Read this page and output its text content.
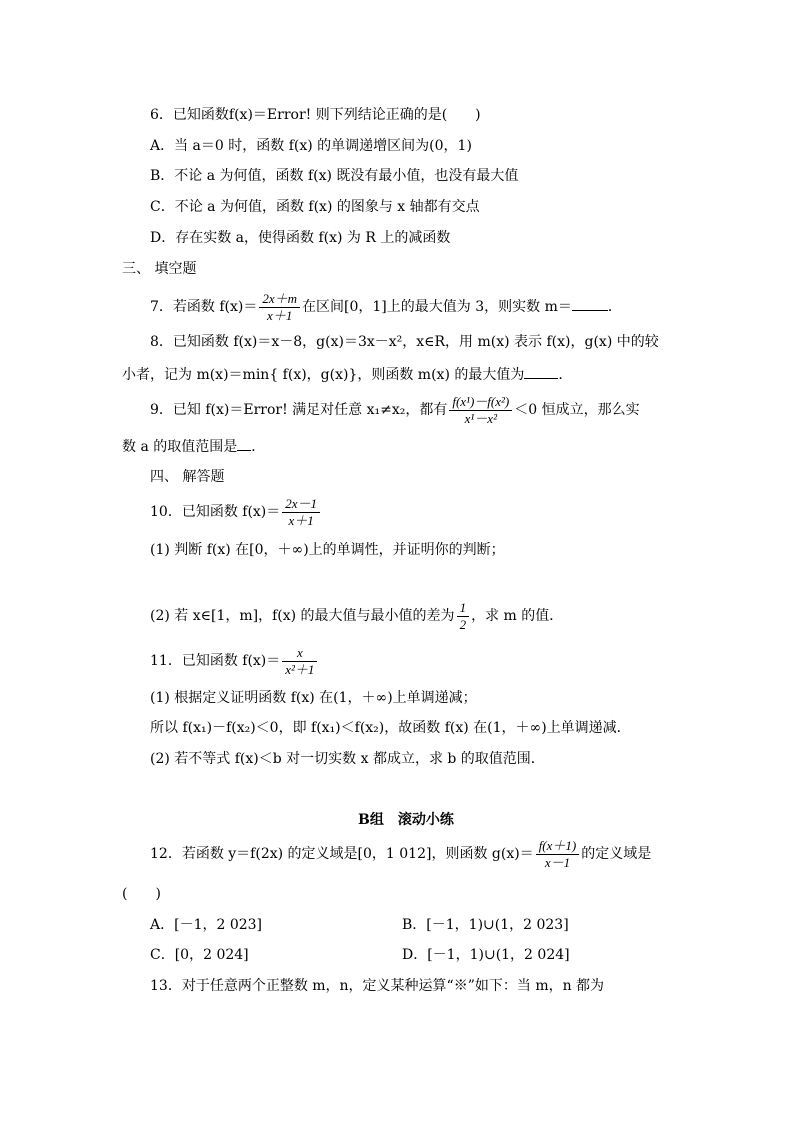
6．已知函数f(x)＝Error! 则下列结论正确的是(　　)
A．当 a＝0 时，函数 f(x) 的单调递增区间为(0，1)
B．不论 a 为何值，函数 f(x) 既没有最小值，也没有最大值
C．不论 a 为何值，函数 f(x) 的图象与 x 轴都有交点
D．存在实数 a，使得函数 f(x) 为 R 上的减函数
三、 填空题
7．若函数 $f(x)= \frac{2x+m}{x+1}$ 在区间[0，1]上的最大值为 3，则实数 m＝	．
8．已知函数 f(x)＝x－8，g(x)＝3x－x²，x∈R，用 m(x) 表示 f(x)，g(x) 中的较
小者，记为 m(x)＝min{ f(x)，g(x)}，则函数 m(x) 的最大值为 ．
9．已知 f(x)＝Error! 满足对任意 x₁≠x₂，都有 $\frac{\text{f(x¹)－f(x²)}}{\text{x¹－x²}} <0$ 恒成立，那么实
数 a 的取值范围是 ．
四、 解答题
10．已知函数 $f(x)= \frac{2x-1}{x+1}$
(1) 判断 f(x) 在[0，＋∞)上的单调性，并证明你的判断；
(2) 若 x∈[1，m]，f(x) 的最大值与最小值的差为 $\frac{1}{2}$ ，求 m 的值．
11．已知函数 $f(x)= \frac{x}{\text{x²＋1}}$
(1) 根据定义证明函数 f(x) 在(1，＋∞)上单调递减；
所以 f(x₁)－f(x₂)＜0，即 f(x₁)＜f(x₂)，故函数 f(x) 在(1，＋∞)上单调递减．
(2) 若不等式 f(x)＜b 对一切实数 x 都成立，求 b 的取值范围．
B组　滚动小练
12．若函数 y＝f(2x) 的定义域是[0，1 012]，则函数 $g(x)= \frac{f(x+1)}{x-1}$ 的定义域是
(　　)
A．[－1，2 023]	B．[－1，1)∪(1，2 023]
C．[0，2 024]	D．[－1，1)∪(1，2 024]
13．对于任意两个正整数 m，n，定义某种运算“※”如下：当 m，n 都为
